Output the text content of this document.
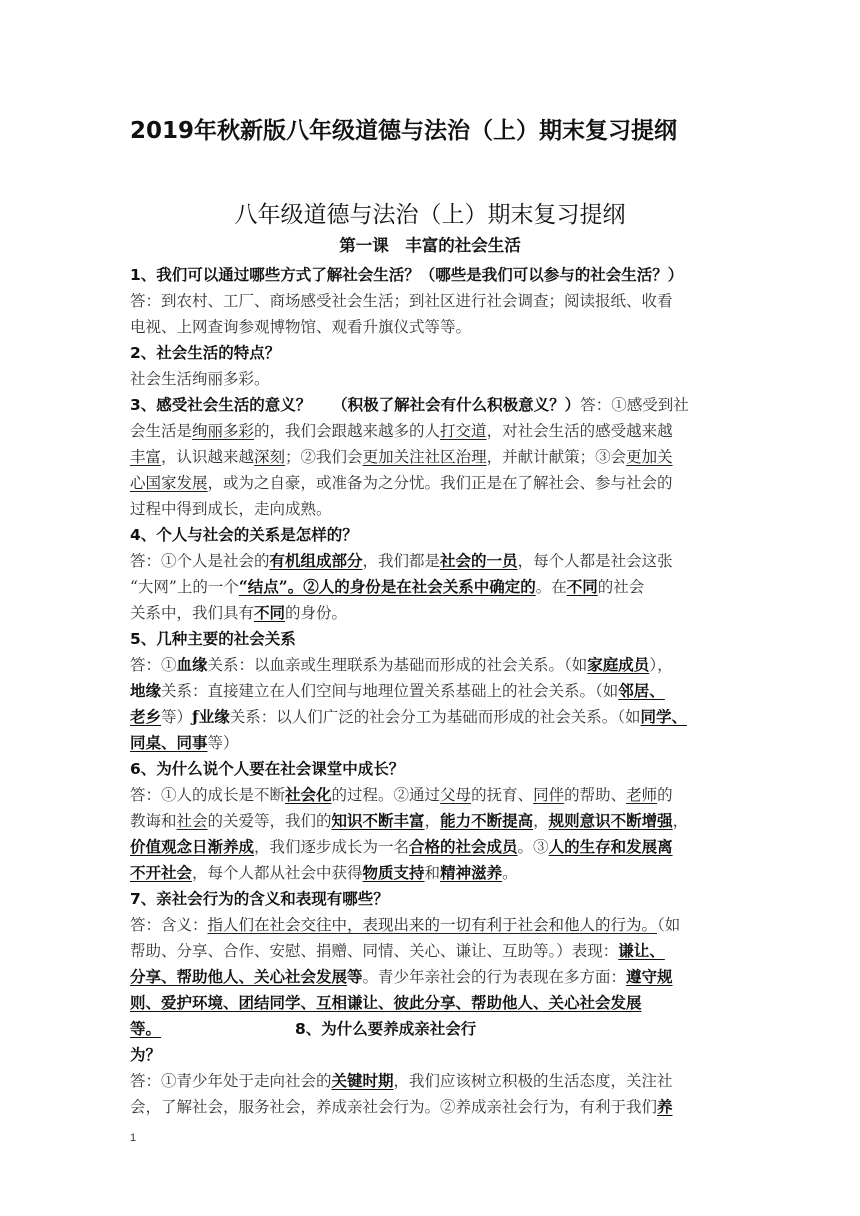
2019年秋新版八年级道德与法治（上）期末复习提纲
八年级道德与法治（上）期末复习提纲
第一课　丰富的社会生活
1、我们可以通过哪些方式了解社会生活？（哪些是我们可以参与的社会生活？）
答：到农村、工厂、商场感受社会生活；到社区进行社会调查；阅读报纸、收看
电视、上网查询参观博物馆、观看升旗仪式等等。
2、社会生活的特点？
社会生活绚丽多彩。
3、感受社会生活的意义？　 （积极了解社会有什么积极意义？）答：①感受到社
会生活是绚丽多彩的，我们会跟越来越多的人打交道，对社会生活的感受越来越
丰富，认识越来越深刻；②我们会更加关注社区治理，并献计献策；③会更加关
心国家发展，或为之自豪，或准备为之分忧。我们正是在了解社会、参与社会的
过程中得到成长，走向成熟。
4、个人与社会的关系是怎样的？
答：①个人是社会的有机组成部分，我们都是社会的一员，每个人都是社会这张
“大网”上的一个“结点”。②人的身份是在社会关系中确定的。在不同的社会
关系中，我们具有不同的身份。
5、几种主要的社会关系
答：①血缘关系：以血亲或生理联系为基础而形成的社会关系。（如家庭成员），
地缘关系：直接建立在人们空间与地理位置关系基础上的社会关系。（如邻居、
老乡等）ƒ业缘关系：以人们广泛的社会分工为基础而形成的社会关系。（如同学、
同桌、同事等）
6、为什么说个人要在社会课堂中成长？
答：①人的成长是不断社会化的过程。②通过父母的抚育、同伴的帮助、老师的
教诲和社会的关爱等，我们的知识不断丰富，能力不断提高，规则意识不断增强，
价值观念日渐养成，我们逐步成长为一名合格的社会成员。③人的生存和发展离
不开社会，每个人都从社会中获得物质支持和精神滋养。
7、亲社会行为的含义和表现有哪些？
答：含义：指人们在社会交往中，表现出来的一切有利于社会和他人的行为。（如
帮助、分享、合作、安慰、捐赠、同情、关心、谦让、互助等。）表现：谦让、
分享、帮助他人、关心社会发展等。青少年亲社会的行为表现在多方面：遵守规
则、爱护环境、团结同学、互相谦让、彼此分享、帮助他人、关心社会发展
等。	8、为什么要养成亲社会行
为？
答：①青少年处于走向社会的关键时期，我们应该树立积极的生活态度，关注社
会，了解社会，服务社会，养成亲社会行为。②养成亲社会行为，有利于我们养
1
